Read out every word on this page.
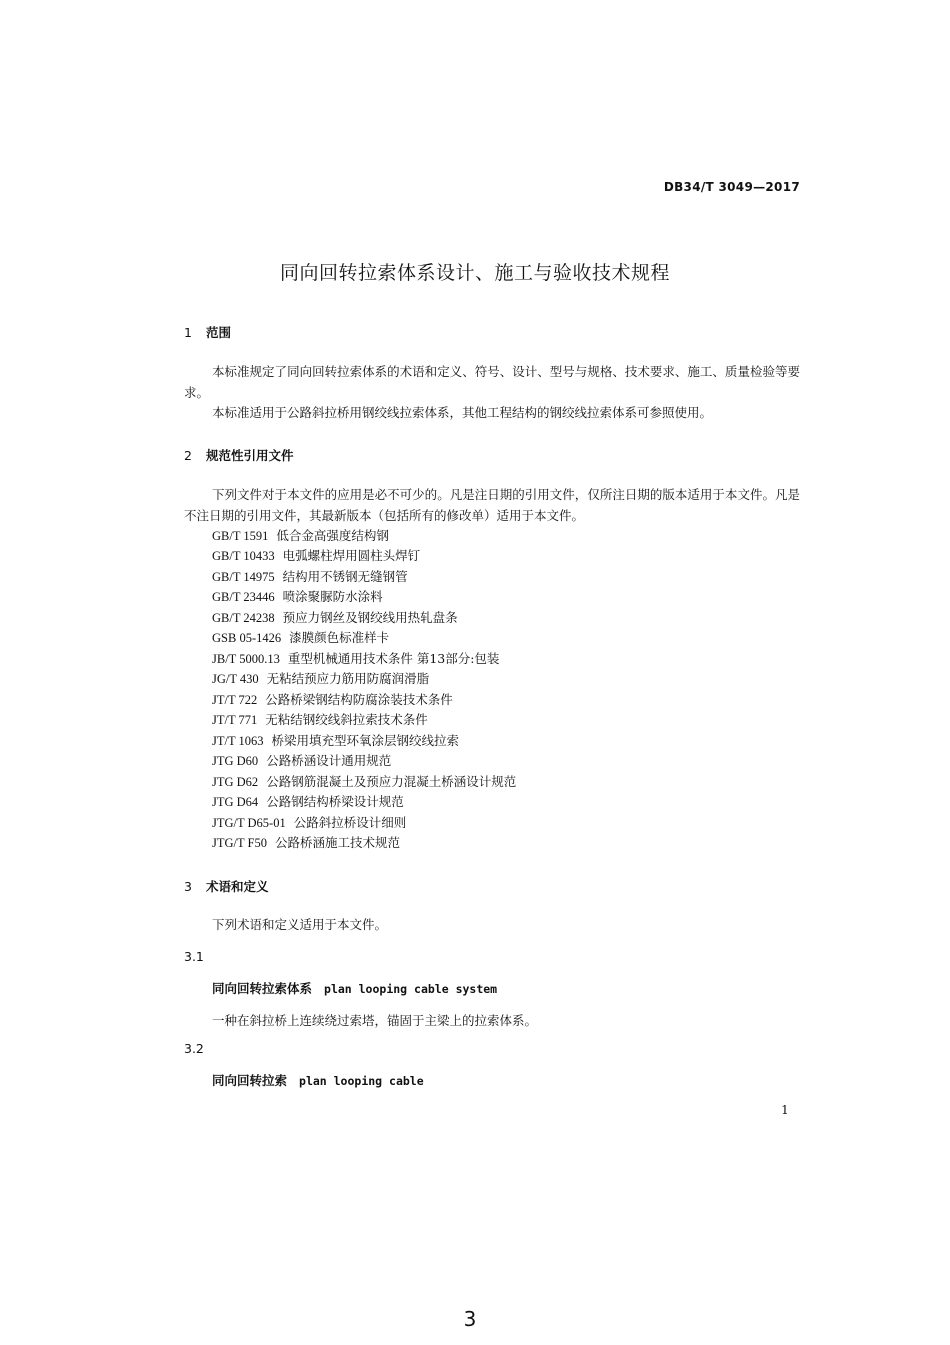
DB34/T 3049—2017
同向回转拉索体系设计、施工与验收技术规程
1 范围
本标准规定了同向回转拉索体系的术语和定义、符号、设计、型号与规格、技术要求、施工、质量检验等要求。
本标准适用于公路斜拉桥用钢绞线拉索体系，其他工程结构的钢绞线拉索体系可参照使用。
2 规范性引用文件
下列文件对于本文件的应用是必不可少的。凡是注日期的引用文件，仅所注日期的版本适用于本文件。凡是不注日期的引用文件，其最新版本（包括所有的修改单）适用于本文件。
GB/T 1591 低合金高强度结构钢
GB/T 10433 电弧螺柱焊用圆柱头焊钉
GB/T 14975 结构用不锈钢无缝钢管
GB/T 23446 喷涂聚脲防水涂料
GB/T 24238 预应力钢丝及钢绞线用热轧盘条
GSB 05-1426 漆膜颜色标准样卡
JB/T 5000.13 重型机械通用技术条件 第13部分:包装
JG/T 430 无粘结预应力筋用防腐润滑脂
JT/T 722 公路桥梁钢结构防腐涂装技术条件
JT/T 771 无粘结钢绞线斜拉索技术条件
JT/T 1063 桥梁用填充型环氧涂层钢绞线拉索
JTG D60 公路桥涵设计通用规范
JTG D62 公路钢筋混凝土及预应力混凝土桥涵设计规范
JTG D64 公路钢结构桥梁设计规范
JTG/T D65-01 公路斜拉桥设计细则
JTG/T F50 公路桥涵施工技术规范
3 术语和定义
下列术语和定义适用于本文件。
3.1
同向回转拉索体系 plan looping cable system
一种在斜拉桥上连续绕过索塔，锚固于主梁上的拉索体系。
3.2
同向回转拉索 plan looping cable
1
3
